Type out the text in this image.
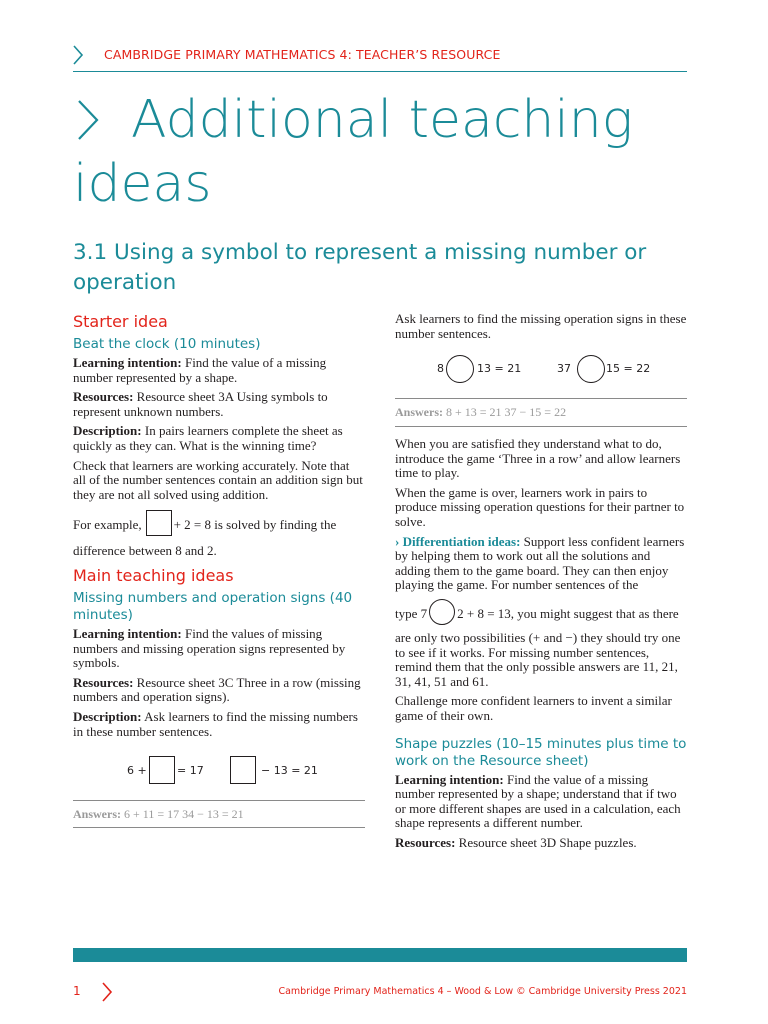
CAMBRIDGE PRIMARY MATHEMATICS 4: TEACHER’S RESOURCE
Additional teaching ideas
3.1 Using a symbol to represent a missing number or operation
Starter idea
Beat the clock (10 minutes)

Learning intention: Find the value of a missing number represented by a shape.

Resources: Resource sheet 3A Using symbols to represent unknown numbers.

Description: In pairs learners complete the sheet as quickly as they can. What is the winning time?

Check that learners are working accurately. Note that all of the number sentences contain an addition sign but they are not all solved using addition.

For example, + 2 = 8 is solved by finding the

difference between 8 and 2.

Main teaching ideas
Missing numbers and operation signs (40 minutes)

Learning intention: Find the values of missing numbers and missing operation signs represented by symbols.

Resources: Resource sheet 3C Three in a row (missing numbers and operation signs).

Description: Ask learners to find the missing numbers in these number sentences.

6 +	= 17	− 13 = 21
Answers: 6 + 11 = 17 34 − 13 = 21

Ask learners to find the missing operation signs in these number sentences.

8	13 = 21	37	15 = 22
Answers: 8 + 13 = 21 37 − 15 = 22

When you are satisfied they understand what to do, introduce the game ‘Three in a row’ and allow learners time to play.

When the game is over, learners work in pairs to produce missing operation questions for their partner to solve.

› Differentiation ideas: Support less confident learners by helping them to work out all the solutions and adding them to the game board. They can then enjoy playing the game. For number sentences of the

type 7 2 + 8 = 13, you might suggest that as there

are only two possibilities (+ and −) they should try one to see if it works. For missing number sentences, remind them that the only possible answers are 11, 21, 31, 41, 51 and 61.

Challenge more confident learners to invent a similar game of their own.

Shape puzzles (10–15 minutes plus time to work on the Resource sheet)

Learning intention: Find the value of a missing number represented by a shape; understand that if two or more different shapes are used in a calculation, each shape represents a different number.

Resources: Resource sheet 3D Shape puzzles.

1	Cambridge Primary Mathematics 4 – Wood & Low © Cambridge University Press 2021
